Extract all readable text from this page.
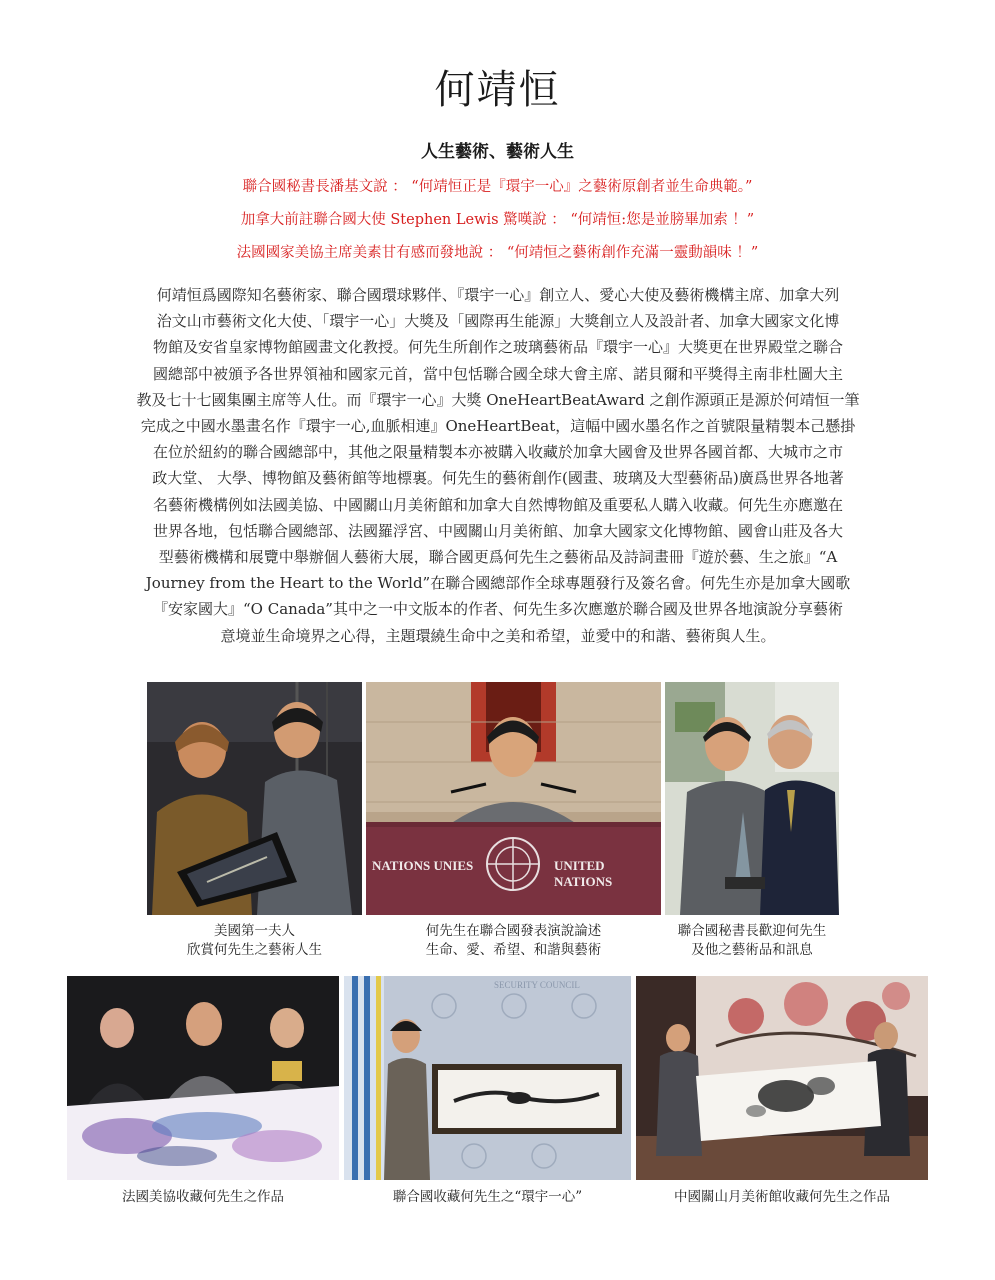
何靖恒
人生藝術、藝術人生
聯合國秘書長潘基文說 ： “何靖恒正是『環宇一心』之藝術原創者並生命典範。”
加拿大前註聯合國大使 Stephen Lewis 驚嘆說 ： “何靖恒:您是並膀畢加索 ！”
法國國家美協主席美素甘有感而發地說 ： “何靖恒之藝術創作充滿一靈動韻味 ！”
何靖恒爲國際知名藝術家、聯合國環球夥伴、『環宇一心』創立人、愛心大使及藝術機構主席、加拿大列
治文山市藝術文化大使、「環宇一心」大獎及「國際再生能源」大獎創立人及設計者、加拿大國家文化博
物館及安省皇家博物館國畫文化教授。何先生所創作之玻璃藝術品『環宇一心』大獎更在世界殿堂之聯合
國總部中被頒予各世界領袖和國家元首，當中包恬聯合國全球大會主席、諾貝爾和平獎得主南非杜圖大主
教及七十七國集團主席等人仕。而『環宇一心』大獎 OneHeartBeatAward 之創作源頭正是源於何靖恒一筆
完成之中國水墨畫名作『環宇一心,血脈相連』OneHeartBeat，這幅中國水墨名作之首號限量精製本己懸掛
在位於紐約的聯合國總部中，其他之限量精製本亦被購入收藏於加拿大國會及世界各國首都、大城市之市
政大堂、 大學、博物館及藝術館等地標裏。何先生的藝術創作(國畫、玻璃及大型藝術品)廣爲世界各地著
名藝術機構例如法國美協、中國關山月美術館和加拿大自然博物館及重要私人購入收藏。何先生亦應邀在
世界各地，包恬聯合國總部、法國羅浮宮、中國關山月美術館、加拿大國家文化博物館、國會山莊及各大
型藝術機構和展覽中舉辦個人藝術大展，聯合國更爲何先生之藝術品及詩詞畫冊『遊於藝、生之旅』“A
Journey from the Heart to the World”在聯合國總部作全球專題發行及簽名會。何先生亦是加拿大國歌
『安家國大』“O Canada”其中之一中文版本的作者、何先生多次應邀於聯合國及世界各地演說分享藝術
意境並生命境界之心得，主題環繞生命中之美和希望，並愛中的和諧、藝術與人生。
美國第一夫人
欣賞何先生之藝術人生
NATIONS UNIES	UNITED NATIONS
何先生在聯合國發表演說論述
生命、愛、希望、和諧與藝術
聯合國秘書長歡迎何先生
及他之藝術品和訊息
法國美協收藏何先生之作品
SECURITY COUNCIL
聯合國收藏何先生之“環宇一心”	中國關山月美術館收藏何先生之作品
